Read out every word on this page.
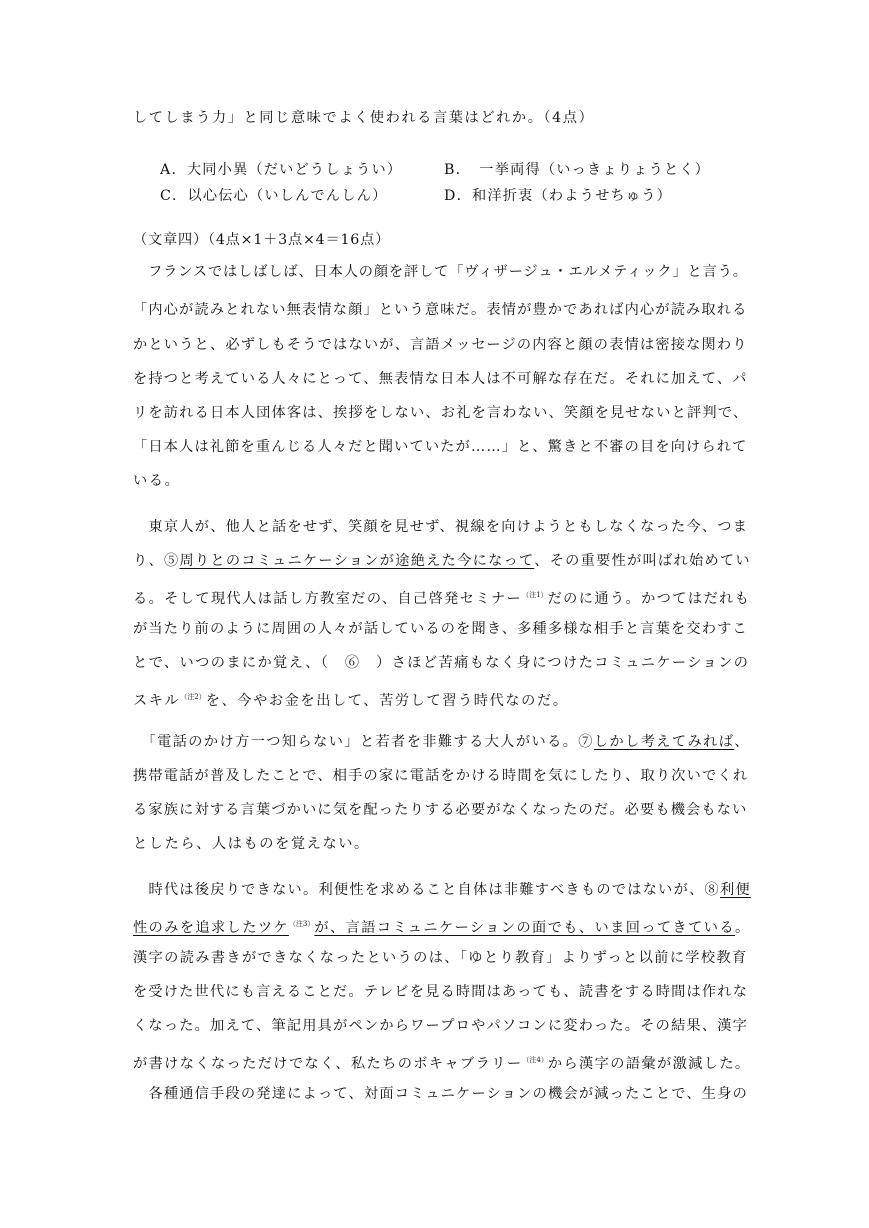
してしまう力」と同じ意味でよく使われる言葉はどれか。（4点）
A．大同小異（だいどうしょうい）	B．　一挙両得（いっきょりょうとく）
C．以心伝心（いしんでんしん）	D．和洋折衷（わようせちゅう）
（文章四）（4点×1＋3点×4＝16点）
　フランスではしばしば、日本人の顔を評して「ヴィザージュ・エルメティック」と言う。
「内心が読みとれない無表情な顔」という意味だ。表情が豊かであれば内心が読み取れる
かというと、必ずしもそうではないが、言語メッセージの内容と顔の表情は密接な関わり
を持つと考えている人々にとって、無表情な日本人は不可解な存在だ。それに加えて、パ
リを訪れる日本人団体客は、挨拶をしない、お礼を言わない、笑顔を見せないと評判で、
「日本人は礼節を重んじる人々だと聞いていたが……」と、驚きと不審の目を向けられて
いる。
　東京人が、他人と話をせず、笑顔を見せず、視線を向けようともしなくなった今、つま
り、⑤周りとのコミュニケーションが途絶えた今になって、その重要性が叫ばれ始めてい
る。そして現代人は話し方教室だの、自己啓発セミナー$^{(注1)}$だのに通う。かつてはだれも
が当たり前のように周囲の人々が話しているのを聞き、多種多様な相手と言葉を交わすこ
とで、いつのまにか覚え、（　⑥　）さほど苦痛もなく身につけたコミュニケーションの
スキル$^{(注2)}$を、今やお金を出して、苦労して習う時代なのだ。
　「電話のかけ方一つ知らない」と若者を非難する大人がいる。⑦しかし考えてみれば、
携帯電話が普及したことで、相手の家に電話をかける時間を気にしたり、取り次いでくれ
る家族に対する言葉づかいに気を配ったりする必要がなくなったのだ。必要も機会もない
としたら、人はものを覚えない。
　時代は後戻りできない。利便性を求めること自体は非難すべきものではないが、⑧利便
性のみを追求したツケ$^{(注3)}$が、言語コミュニケーションの面でも、いま回ってきている。
漢字の読み書きができなくなったというのは、「ゆとり教育」よりずっと以前に学校教育
を受けた世代にも言えることだ。テレビを見る時間はあっても、読書をする時間は作れな
くなった。加えて、筆記用具がペンからワープロやパソコンに変わった。その結果、漢字
が書けなくなっただけでなく、私たちのボキャブラリー$^{(注4)}$から漢字の語彙が激減した。
　各種通信手段の発達によって、対面コミュニケーションの機会が減ったことで、生身の
